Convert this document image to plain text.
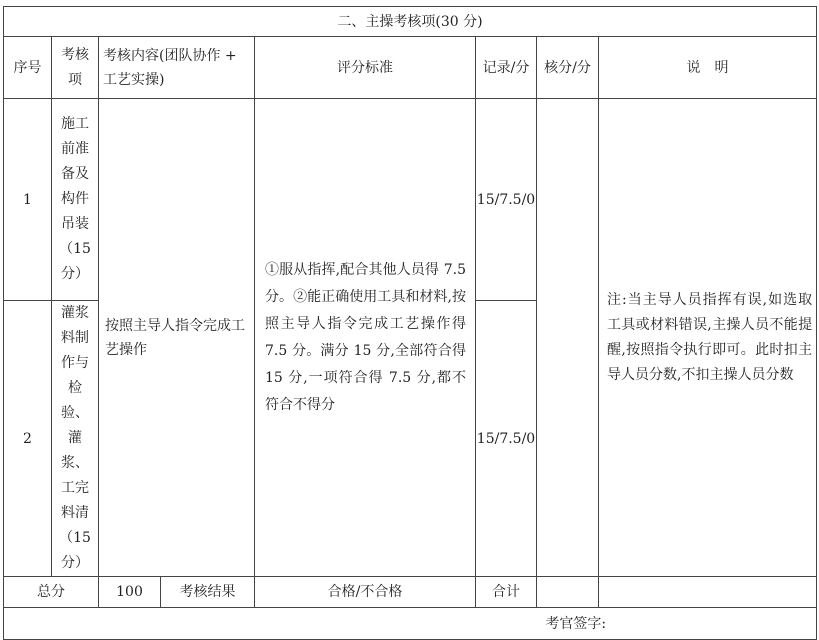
二、主操考核项(30 分)							
序号	考核项	考核内容(团队协作 + 工艺实操)		评分标准	记录/分	核分/分	说　明
1	施工前准备及构件吊装（15分）	按照主导人指令完成工艺操作		①服从指挥,配合其他人员得 7.5 分。②能正确使用工具和材料,按照主导人指令完成工艺操作得 7.5 分。满分 15 分,全部符合得 15 分,一项符合得 7.5 分,都不符合不得分	15/7.5/0		注:当主导人员指挥有误,如选取工具或材料错误,主操人员不能提醒,按照指令执行即可。此时扣主导人员分数,不扣主操人员分数
2	灌浆料制作与检验、灌浆、工完料清（15分）				15/7.5/0		
总分		100	考核结果	合格/不合格	合计		
考官签字:							
